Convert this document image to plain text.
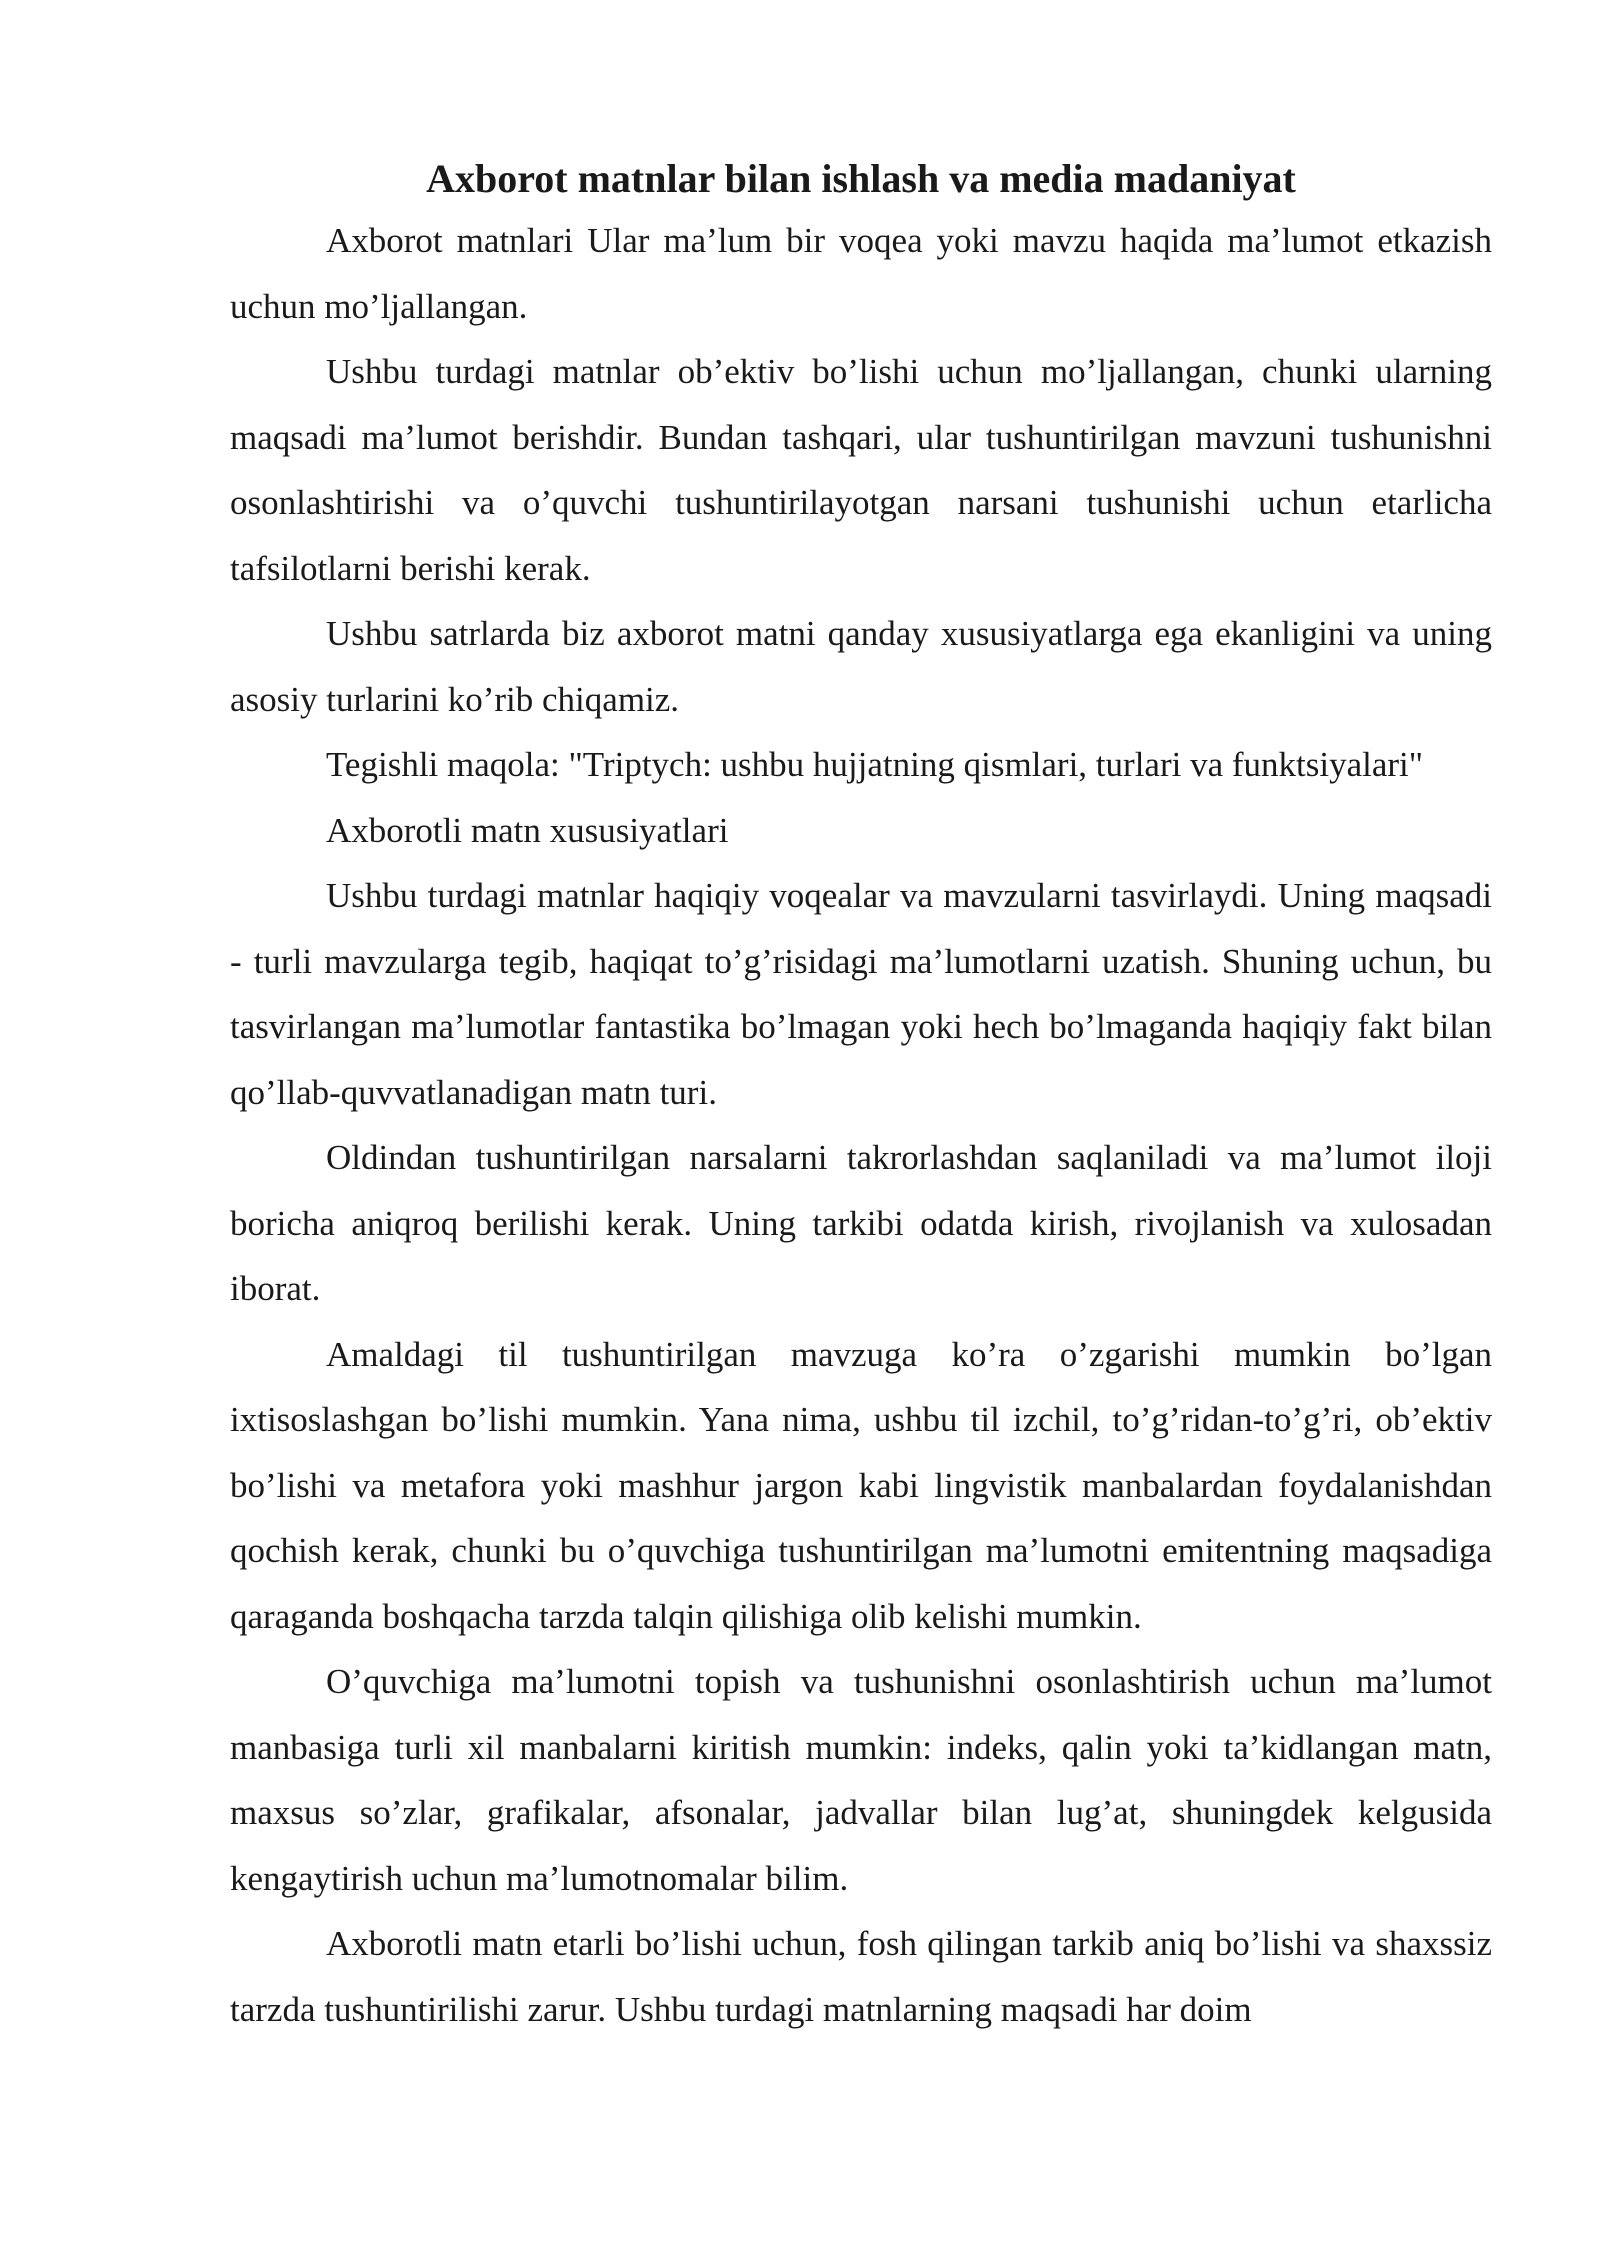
Axborot matnlar bilan ishlash va media madaniyat

Axborot matnlari Ular ma’lum bir voqea yoki mavzu haqida ma’lumot etkazish uchun mo’ljallangan.

Ushbu turdagi matnlar ob’ektiv bo’lishi uchun mo’ljallangan, chunki ularning maqsadi ma’lumot berishdir. Bundan tashqari, ular tushuntirilgan mavzuni tushunishni osonlashtirishi va o’quvchi tushuntirilayotgan narsani tushunishi uchun etarlicha tafsilotlarni berishi kerak.

Ushbu satrlarda biz axborot matni qanday xususiyatlarga ega ekanligini va uning asosiy turlarini ko’rib chiqamiz.

Tegishli maqola: "Triptych: ushbu hujjatning qismlari, turlari va funktsiyalari"

Axborotli matn xususiyatlari

Ushbu turdagi matnlar haqiqiy voqealar va mavzularni tasvirlaydi. Uning maqsadi - turli mavzularga tegib, haqiqat to’g’risidagi ma’lumotlarni uzatish. Shuning uchun, bu tasvirlangan ma’lumotlar fantastika bo’lmagan yoki hech bo’lmaganda haqiqiy fakt bilan qo’llab-quvvatlanadigan matn turi.

Oldindan tushuntirilgan narsalarni takrorlashdan saqlaniladi va ma’lumot iloji boricha aniqroq berilishi kerak. Uning tarkibi odatda kirish, rivojlanish va xulosadan iborat.

Amaldagi til tushuntirilgan mavzuga ko’ra o’zgarishi mumkin bo’lgan ixtisoslashgan bo’lishi mumkin. Yana nima, ushbu til izchil, to’g’ridan-to’g’ri, ob’ektiv bo’lishi va metafora yoki mashhur jargon kabi lingvistik manbalardan foydalanishdan qochish kerak, chunki bu o’quvchiga tushuntirilgan ma’lumotni emitentning maqsadiga qaraganda boshqacha tarzda talqin qilishiga olib kelishi mumkin.

O’quvchiga ma’lumotni topish va tushunishni osonlashtirish uchun ma’lumot manbasiga turli xil manbalarni kiritish mumkin: indeks, qalin yoki ta’kidlangan matn, maxsus so’zlar, grafikalar, afsonalar, jadvallar bilan lug’at, shuningdek kelgusida kengaytirish uchun ma’lumotnomalar bilim.

Axborotli matn etarli bo’lishi uchun, fosh qilingan tarkib aniq bo’lishi va shaxssiz tarzda tushuntirilishi zarur. Ushbu turdagi matnlarning maqsadi har doim
